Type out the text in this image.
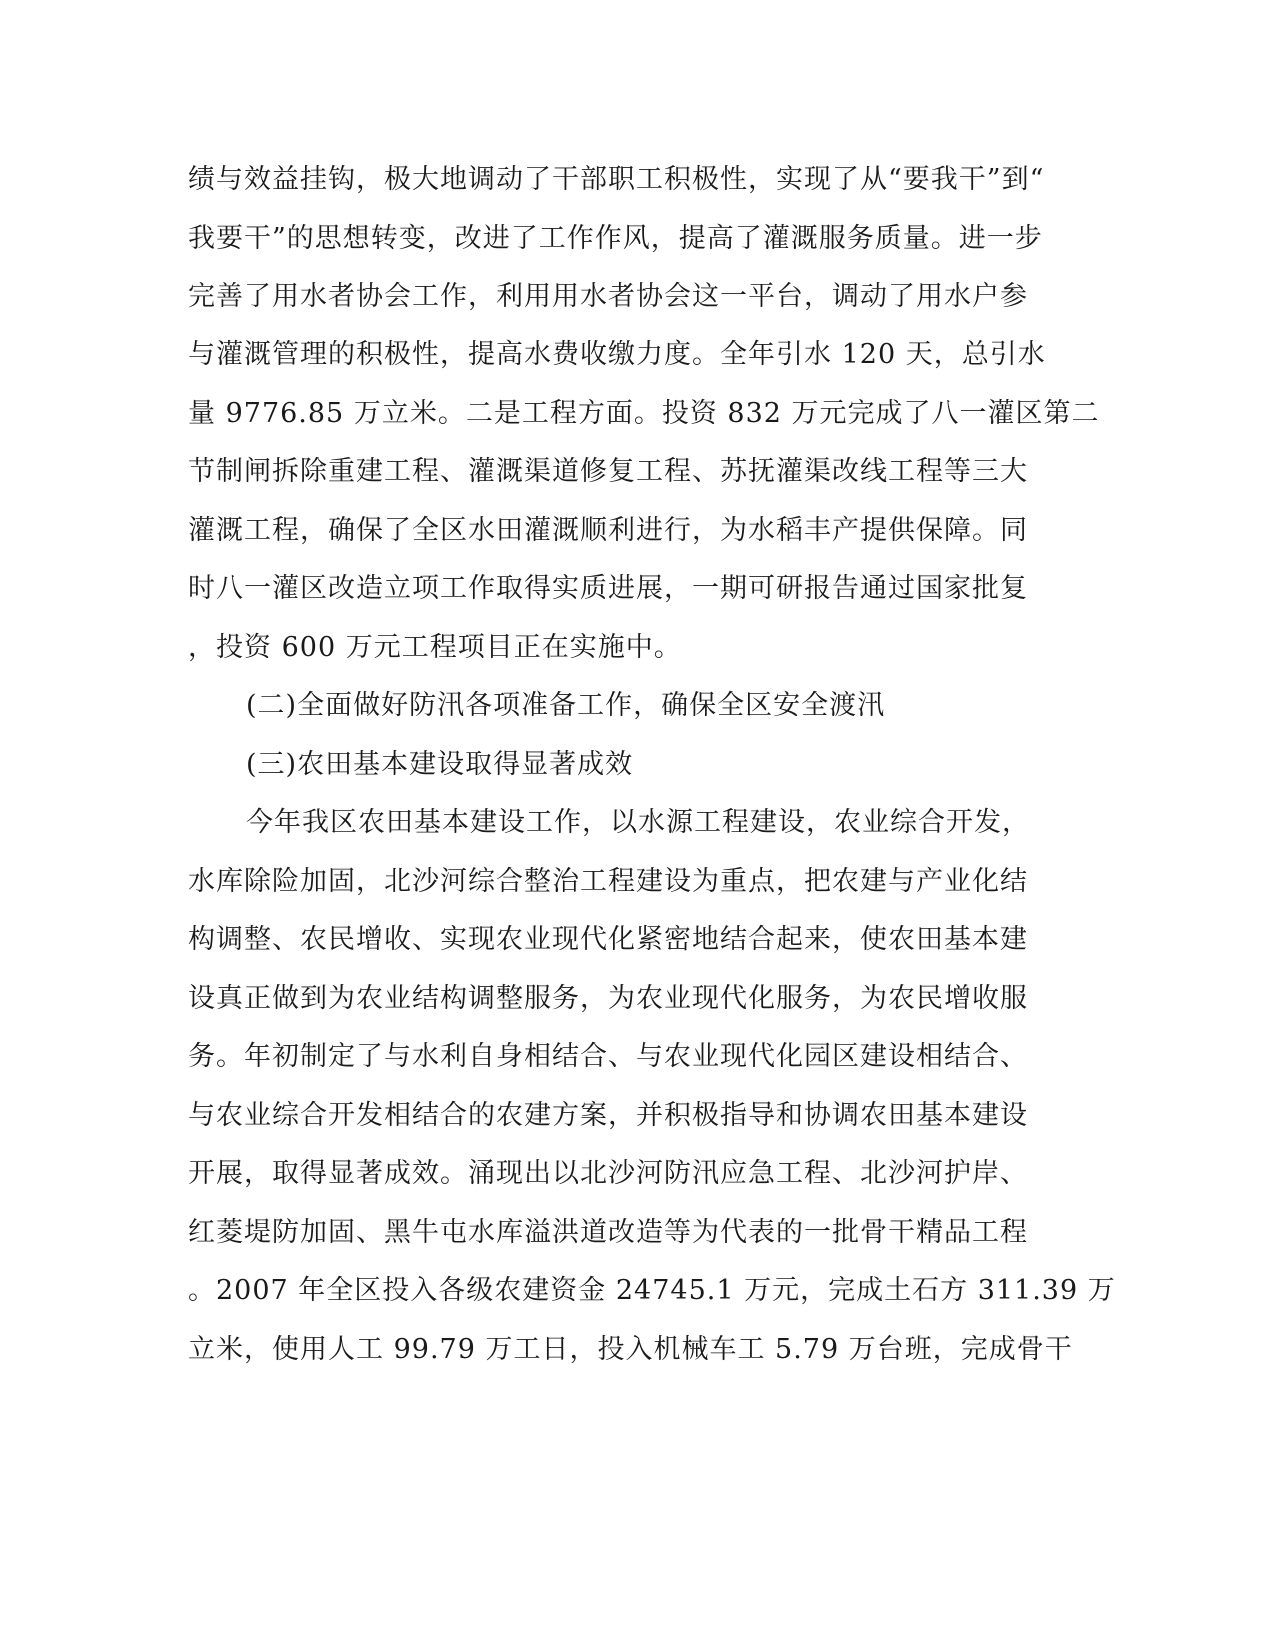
绩与效益挂钩，极大地调动了干部职工积极性，实现了从“要我干”到“
我要干”的思想转变，改进了工作作风，提高了灌溉服务质量。进一步
完善了用水者协会工作，利用用水者协会这一平台，调动了用水户参
与灌溉管理的积极性，提高水费收缴力度。全年引水 120 天，总引水
量 9776.85 万立米。二是工程方面。投资 832 万元完成了八一灌区第二
节制闸拆除重建工程、灌溉渠道修复工程、苏抚灌渠改线工程等三大
灌溉工程，确保了全区水田灌溉顺利进行，为水稻丰产提供保障。同
时八一灌区改造立项工作取得实质进展，一期可研报告通过国家批复
，投资 600 万元工程项目正在实施中。
(二)全面做好防汛各项准备工作，确保全区安全渡汛
(三)农田基本建设取得显著成效
今年我区农田基本建设工作，以水源工程建设，农业综合开发，
水库除险加固，北沙河综合整治工程建设为重点，把农建与产业化结
构调整、农民增收、实现农业现代化紧密地结合起来，使农田基本建
设真正做到为农业结构调整服务，为农业现代化服务，为农民增收服
务。年初制定了与水利自身相结合、与农业现代化园区建设相结合、
与农业综合开发相结合的农建方案，并积极指导和协调农田基本建设
开展，取得显著成效。涌现出以北沙河防汛应急工程、北沙河护岸、
红菱堤防加固、黑牛屯水库溢洪道改造等为代表的一批骨干精品工程
。2007 年全区投入各级农建资金 24745.1 万元，完成土石方 311.39 万
立米，使用人工 99.79 万工日，投入机械车工 5.79 万台班，完成骨干
